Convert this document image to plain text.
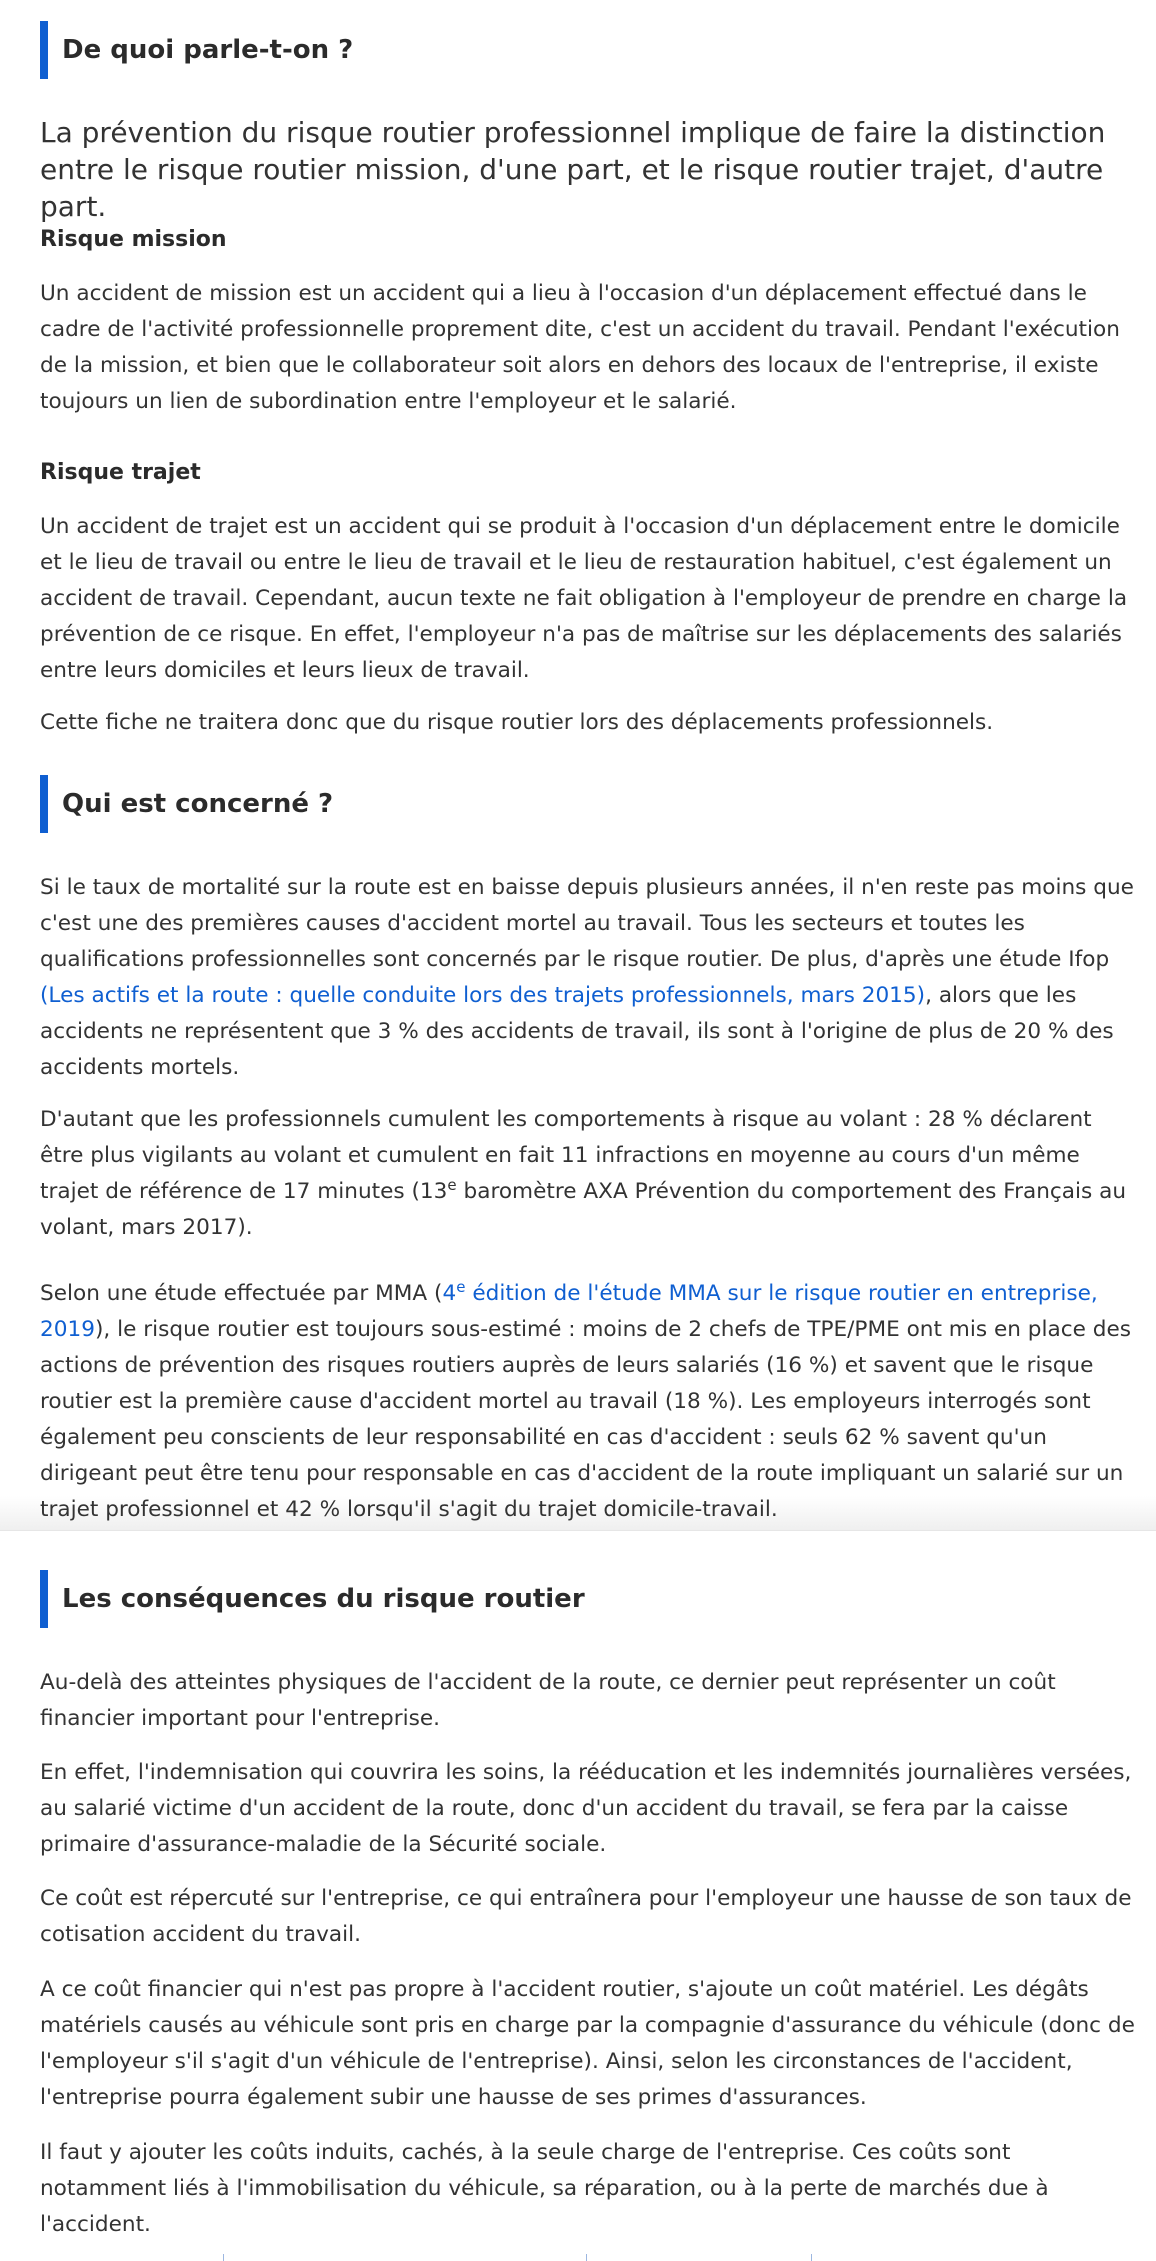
De quoi parle-t-on ?
La prévention du risque routier professionnel implique de faire la distinction entre le risque routier mission, d'une part, et le risque routier trajet, d'autre part.
Risque mission
Un accident de mission est un accident qui a lieu à l'occasion d'un déplacement effectué dans le cadre de l'activité professionnelle proprement dite, c'est un accident du travail. Pendant l'exécution de la mission, et bien que le collaborateur soit alors en dehors des locaux de l'entreprise, il existe toujours un lien de subordination entre l'employeur et le salarié.
Risque trajet
Un accident de trajet est un accident qui se produit à l'occasion d'un déplacement entre le domicile et le lieu de travail ou entre le lieu de travail et le lieu de restauration habituel, c'est également un accident de travail. Cependant, aucun texte ne fait obligation à l'employeur de prendre en charge la prévention de ce risque. En effet, l'employeur n'a pas de maîtrise sur les déplacements des salariés entre leurs domiciles et leurs lieux de travail.
Cette fiche ne traitera donc que du risque routier lors des déplacements professionnels.
Qui est concerné ?
Si le taux de mortalité sur la route est en baisse depuis plusieurs années, il n'en reste pas moins que c'est une des premières causes d'accident mortel au travail. Tous les secteurs et toutes les qualifications professionnelles sont concernés par le risque routier. De plus, d'après une étude Ifop (Les actifs et la route : quelle conduite lors des trajets professionnels, mars 2015), alors que les accidents ne représentent que 3 % des accidents de travail, ils sont à l'origine de plus de 20 % des accidents mortels.
D'autant que les professionnels cumulent les comportements à risque au volant : 28 % déclarent être plus vigilants au volant et cumulent en fait 11 infractions en moyenne au cours d'un même trajet de référence de 17 minutes (13e baromètre AXA Prévention du comportement des Français au volant, mars 2017).
Selon une étude effectuée par MMA (4e édition de l'étude MMA sur le risque routier en entreprise, 2019), le risque routier est toujours sous-estimé : moins de 2 chefs de TPE/PME ont mis en place des actions de prévention des risques routiers auprès de leurs salariés (16 %) et savent que le risque routier est la première cause d'accident mortel au travail (18 %). Les employeurs interrogés sont également peu conscients de leur responsabilité en cas d'accident : seuls 62 % savent qu'un dirigeant peut être tenu pour responsable en cas d'accident de la route impliquant un salarié sur un trajet professionnel et 42 % lorsqu'il s'agit du trajet domicile-travail.
Les conséquences du risque routier
Au-delà des atteintes physiques de l'accident de la route, ce dernier peut représenter un coût financier important pour l'entreprise.
En effet, l'indemnisation qui couvrira les soins, la rééducation et les indemnités journalières versées, au salarié victime d'un accident de la route, donc d'un accident du travail, se fera par la caisse primaire d'assurance-maladie de la Sécurité sociale.
Ce coût est répercuté sur l'entreprise, ce qui entraînera pour l'employeur une hausse de son taux de cotisation accident du travail.
A ce coût financier qui n'est pas propre à l'accident routier, s'ajoute un coût matériel. Les dégâts matériels causés au véhicule sont pris en charge par la compagnie d'assurance du véhicule (donc de l'employeur s'il s'agit d'un véhicule de l'entreprise). Ainsi, selon les circonstances de l'accident, l'entreprise pourra également subir une hausse de ses primes d'assurances.
Il faut y ajouter les coûts induits, cachés, à la seule charge de l'entreprise. Ces coûts sont notamment liés à l'immobilisation du véhicule, sa réparation, ou à la perte de marchés due à l'accident.
